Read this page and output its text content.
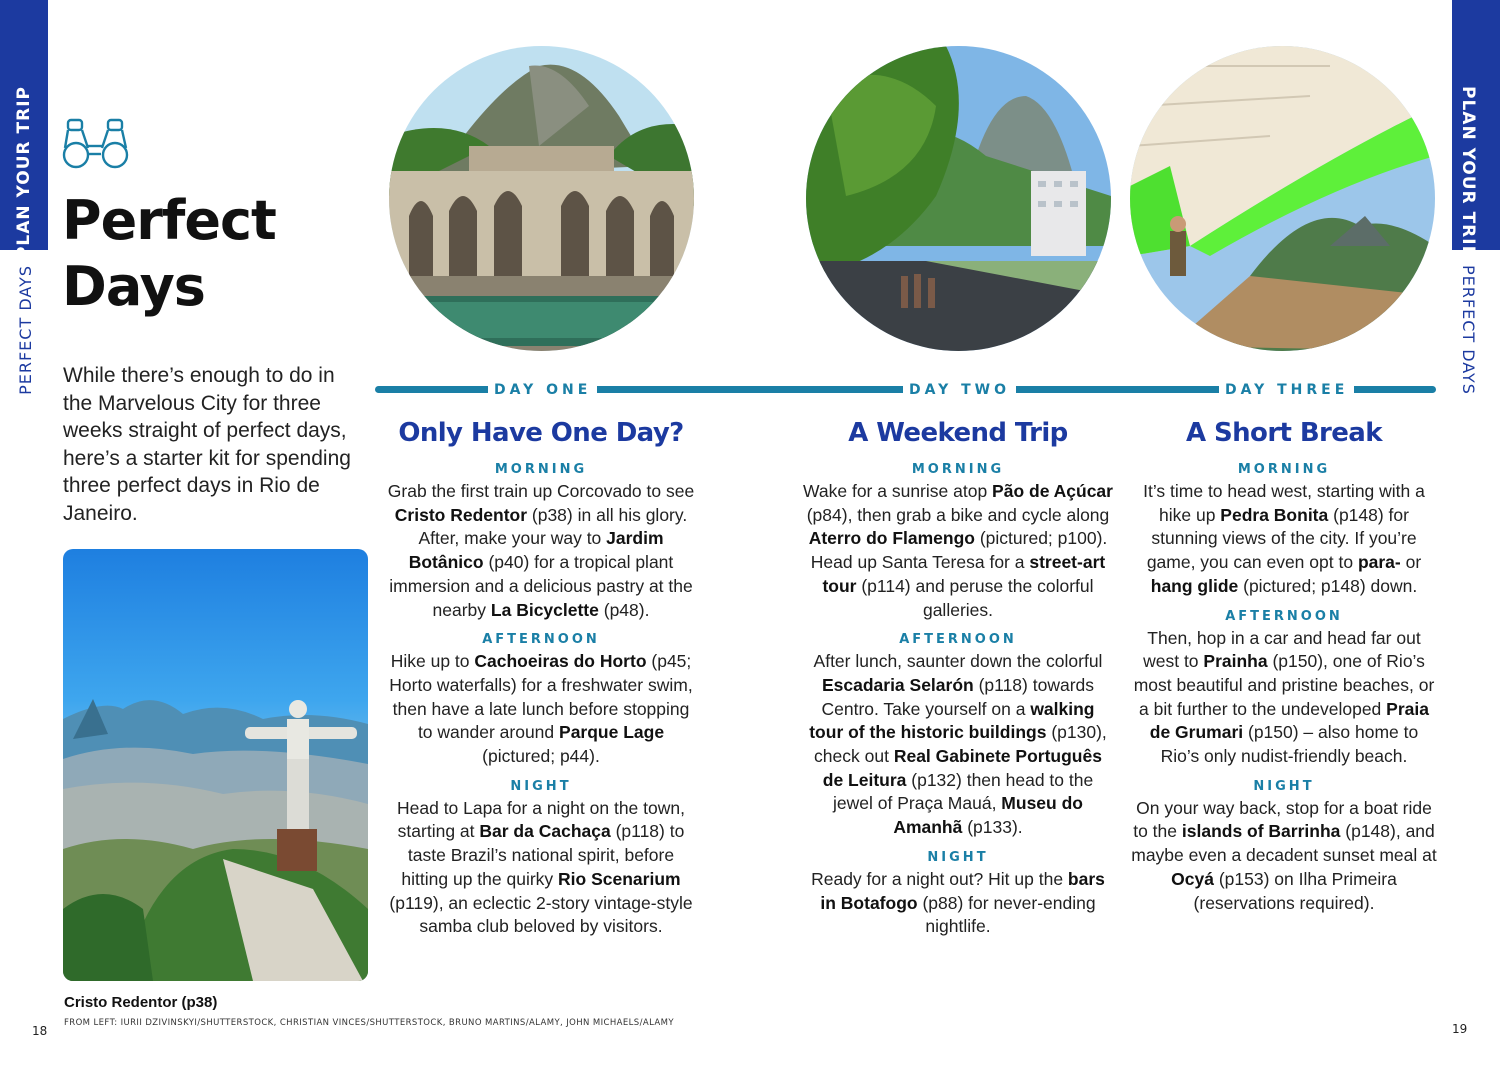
PLAN YOUR TRIP
PERFECT DAYS
PLAN YOUR TRIP
PERFECT DAYS
Perfect
Days
While there’s enough to do in the Marvelous City for three weeks straight of perfect days, here’s a starter kit for spending three perfect days in Rio de Janeiro.
Cristo Redentor (p38)
FROM LEFT: IURII DZIVINSKYI/SHUTTERSTOCK, CHRISTIAN VINCES/SHUTTERSTOCK, BRUNO MARTINS/ALAMY, JOHN MICHAELS/ALAMY
18	19
DAY ONE	DAY TWO	DAY THREE
Only Have One Day?
MORNING

Grab the first train up Corcovado to see Cristo Redentor (p38) in all his glory. After, make your way to Jardim Botânico (p40) for a tropical plant immersion and a delicious pastry at the nearby La Bicyclette (p48).

AFTERNOON

Hike up to Cachoeiras do Horto (p45; Horto waterfalls) for a freshwater swim, then have a late lunch before stopping to wander around Parque Lage (pictured; p44).

NIGHT

Head to Lapa for a night on the town, starting at Bar da Cachaça (p118) to taste Brazil’s national spirit, before hitting up the quirky Rio Scenarium (p119), an eclectic 2-story vintage-style samba club beloved by visitors.

A Weekend Trip
MORNING

Wake for a sunrise atop Pão de Açúcar (p84), then grab a bike and cycle along Aterro do Flamengo (pictured; p100). Head up Santa Teresa for a street-art tour (p114) and peruse the colorful galleries.

AFTERNOON

After lunch, saunter down the colorful Escadaria Selarón (p118) towards Centro. Take yourself on a walking tour of the historic buildings (p130), check out Real Gabinete Português de Leitura (p132) then head to the jewel of Praça Mauá, Museu do Amanhã (p133).

NIGHT

Ready for a night out? Hit up the bars in Botafogo (p88) for never-ending nightlife.

A Short Break
MORNING

It’s time to head west, starting with a hike up Pedra Bonita (p148) for stunning views of the city. If you’re game, you can even opt to para- or hang glide (pictured; p148) down.

AFTERNOON

Then, hop in a car and head far out west to Prainha (p150), one of Rio’s most beautiful and pristine beaches, or a bit further to the undeveloped Praia de Grumari (p150) – also home to Rio’s only nudist-friendly beach.

NIGHT

On your way back, stop for a boat ride to the islands of Barrinha (p148), and maybe even a decadent sunset meal at Ocyá (p153) on Ilha Primeira (reservations required).
